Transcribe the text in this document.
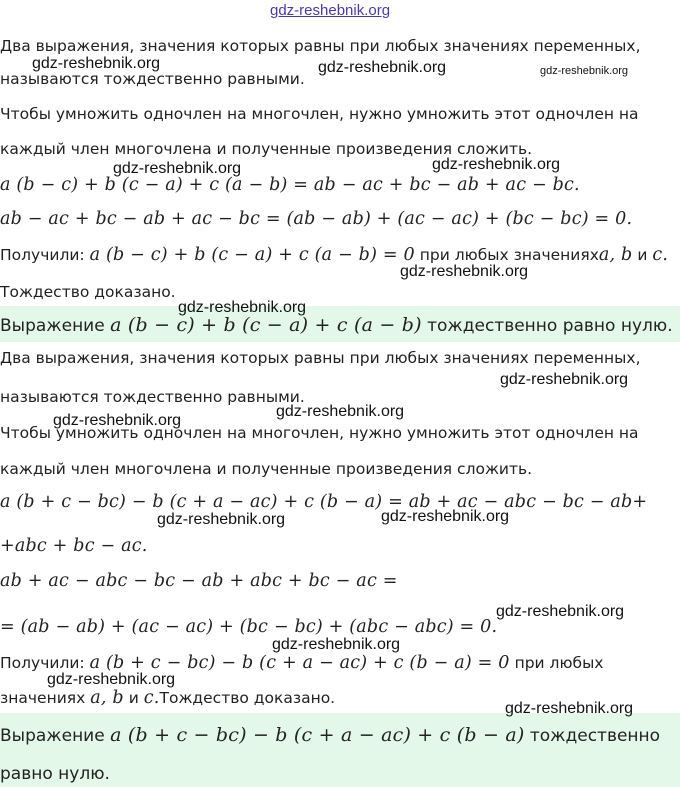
Два выражения, значения которых равны при любых значениях переменных,
называются тождественно равными.
Чтобы умножить одночлен на многочлен, нужно умножить этот одночлен на
каждый член многочлена и полученные произведения сложить.
a (b − c) + b (c − a) + c (a − b) = ab − ac + bc − ab + ac − bc.
ab − ac + bc − ab + ac − bc = (ab − ab) + (ac − ac) + (bc − bc) = 0.
Получили: a (b − c) + b (c − a) + c (a − b) = 0 при любых значенияхa, b и c.
Тождество доказано.
Выражение a (b − c) + b (c − a) + c (a − b) тождественно равно нулю.
Два выражения, значения которых равны при любых значениях переменных,
называются тождественно равными.
Чтобы умножить одночлен на многочлен, нужно умножить этот одночлен на
каждый член многочлена и полученные произведения сложить.
a (b + c − bc) − b (c + a − ac) + c (b − a) = ab + ac − abc − bc − ab+
+abc + bc − ac.
ab + ac − abc − bc − ab + abc + bc − ac =
= (ab − ab) + (ac − ac) + (bc − bc) + (abc − abc) = 0.
Получили: a (b + c − bc) − b (c + a − ac) + c (b − a) = 0 при любых
значениях a, b и c.Тождество доказано.
Выражение a (b + c − bc) − b (c + a − ac) + c (b − a) тождественно
равно нулю.
gdz-reshebnik.org
gdz-reshebnik.org	gdz-reshebnik.org	gdz-reshebnik.org
gdz-reshebnik.org	gdz-reshebnik.org
gdz-reshebnik.org
gdz-reshebnik.org
gdz-reshebnik.org
gdz-reshebnik.org
gdz-reshebnik.org
gdz-reshebnik.org	gdz-reshebnik.org
gdz-reshebnik.org
gdz-reshebnik.org
gdz-reshebnik.org
gdz-reshebnik.org
